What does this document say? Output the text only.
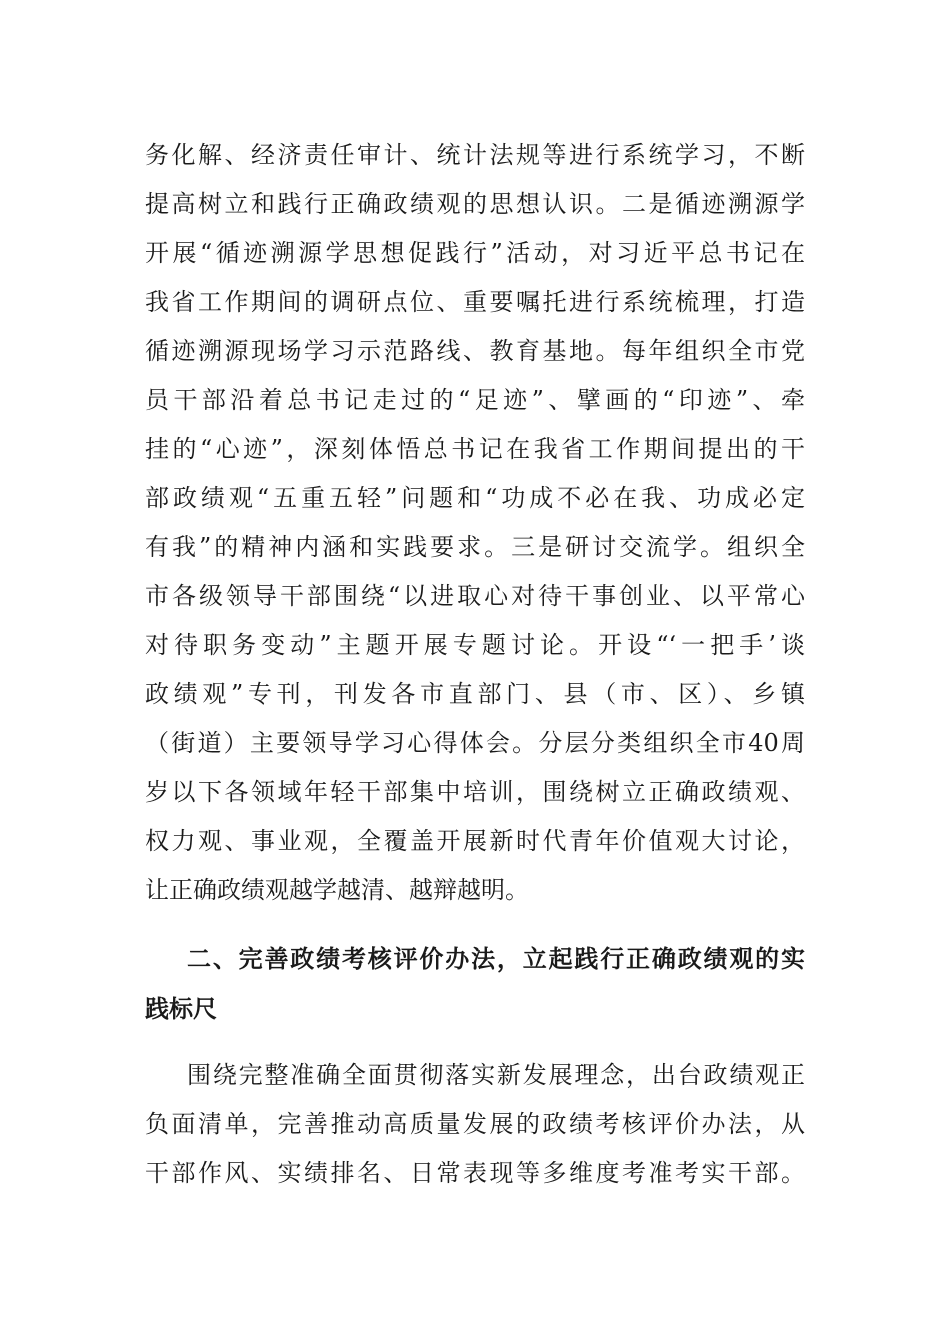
务化解、经济责任审计、统计法规等进行系统学习，不断
提高树立和践行正确政绩观的思想认识。二是循迹溯源学
开展“循迹溯源学思想促践行”活动，对习近平总书记在
我省工作期间的调研点位、重要嘱托进行系统梳理，打造
循迹溯源现场学习示范路线、教育基地。每年组织全市党
员干部沿着总书记走过的“足迹”、擘画的“印迹”、牵
挂的“心迹”，深刻体悟总书记在我省工作期间提出的干
部政绩观“五重五轻”问题和“功成不必在我、功成必定
有我”的精神内涵和实践要求。三是研讨交流学。组织全
市各级领导干部围绕“以进取心对待干事创业、以平常心
对待职务变动”主题开展专题讨论。开设“‘一把手’谈
政绩观”专刊，刊发各市直部门、县（市、区）、乡镇
（街道）主要领导学习心得体会。分层分类组织全市40周
岁以下各领域年轻干部集中培训，围绕树立正确政绩观、
权力观、事业观，全覆盖开展新时代青年价值观大讨论，
让正确政绩观越学越清、越辩越明。
二、完善政绩考核评价办法，立起践行正确政绩观的实
践标尺
围绕完整准确全面贯彻落实新发展理念，出台政绩观正
负面清单，完善推动高质量发展的政绩考核评价办法，从
干部作风、实绩排名、日常表现等多维度考准考实干部。
